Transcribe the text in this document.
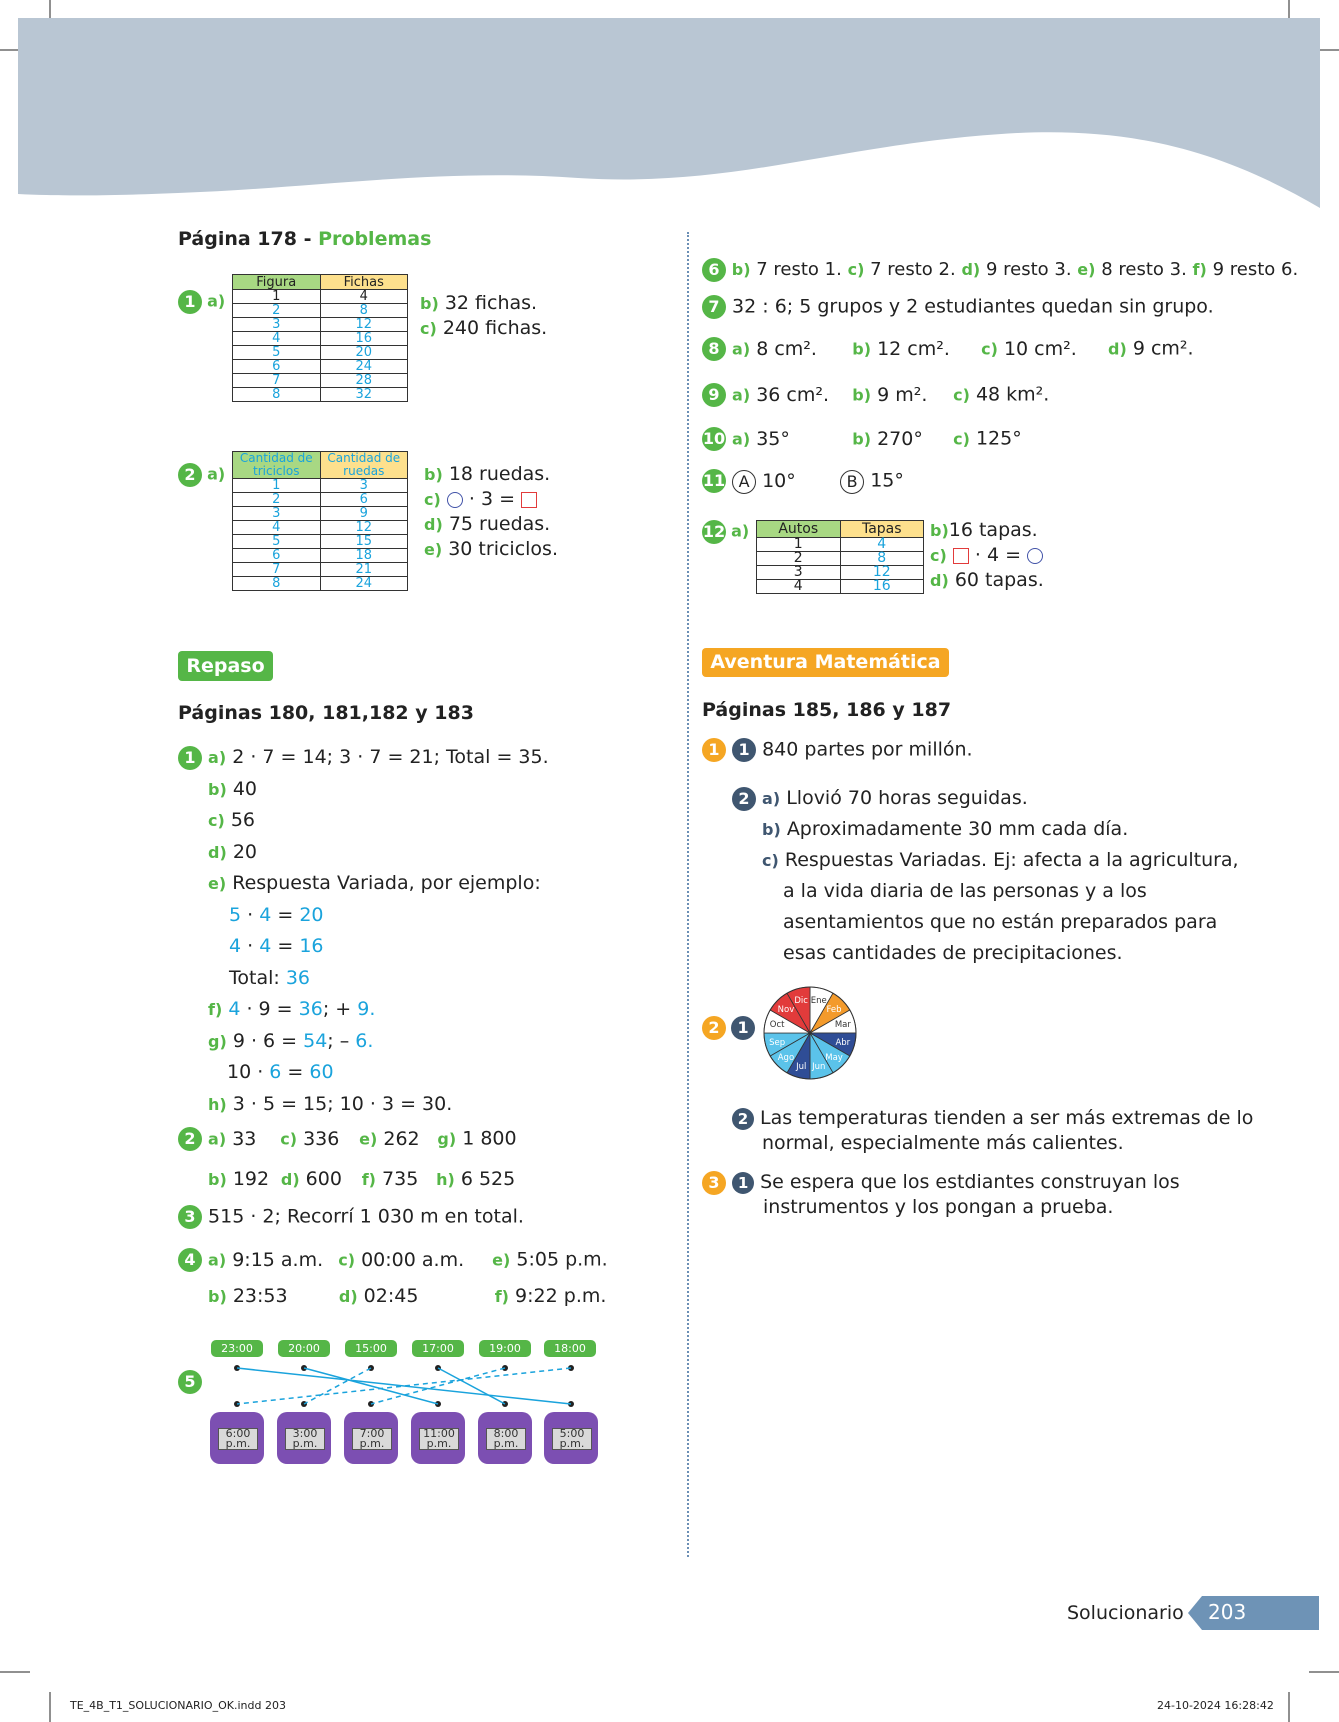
Página 178 - Problemas
1 a)
Figura	Fichas
1	4
2	8
3	12
4	16
5	20
6	24
7	28
8	32
b) 32 fichas.
c) 240 fichas.
2 a)
Cantidad de triciclos	Cantidad de ruedas
1	3
2	6
3	9
4	12
5	15
6	18
7	21
8	24
b) 18 ruedas.
c) · 3 =
d) 75 ruedas.
e) 30 triciclos.
Repaso
Páginas 180, 181,182 y 183
1 a) 2 · 7 = 14; 3 · 7 = 21; Total = 35.
b) 40
c) 56
d) 20
e) Respuesta Variada, por ejemplo:
5 · 4 = 20
4 · 4 = 16
Total: 36
f) 4 · 9 = 36; + 9.
g) 9 · 6 = 54; – 6.
10 · 6 = 60
h) 3 · 5 = 15; 10 · 3 = 30.
2 a) 33 c) 336 e) 262 g) 1 800
b) 192 d) 600 f) 735 h) 6 525
3 515 · 2; Recorrí 1 030 m en total.
4 a) 9:15 a.m. c) 00:00 a.m. e) 5:05 p.m.
b) 23:53	d) 02:45	f) 9:22 p.m.
5
23:00	20:00	15:00	17:00	19:00	18:00
6:00
p.m.
3:00
p.m.
7:00
p.m.
11:00
p.m.
8:00
p.m.
5:00
p.m.
6 b) 7 resto 1. c) 7 resto 2. d) 9 resto 3. e) 8 resto 3. f) 9 resto 6.
7 32 : 6; 5 grupos y 2 estudiantes quedan sin grupo.
8 a) 8 cm². b) 12 cm². c) 10 cm². d) 9 cm².
9 a) 36 cm². b) 9 m². c) 48 km².
10 a) 35°	b) 270° c) 125°
11 A 10°	B 15°
12 a) Autos	Tapas
1	4
2	8
3	12
4	16
b)16 tapas.
c) · 4 =
d) 60 tapas.
Aventura Matemática
Páginas 185, 186 y 187
1 1 840 partes por millón.
2 a) Llovió 70 horas seguidas.
b) Aproximadamente 30 mm cada día.
c) Respuestas Variadas. Ej: afecta a la agricultura,
a la vida diaria de las personas y a los
asentamientos que no están preparados para
esas cantidades de precipitaciones.
2 1
Ene
Feb
Mar
Abr
May
Jun
Jul
Ago
Sep
Oct
Nov
Dic
2 Las temperaturas tienden a ser más extremas de lo
normal, especialmente más calientes.
3 1 Se espera que los estdiantes construyan los
instrumentos y los pongan a prueba.
Solucionario 203
TE_4B_T1_SOLUCIONARIO_OK.indd 203	24-10-2024 16:28:42
